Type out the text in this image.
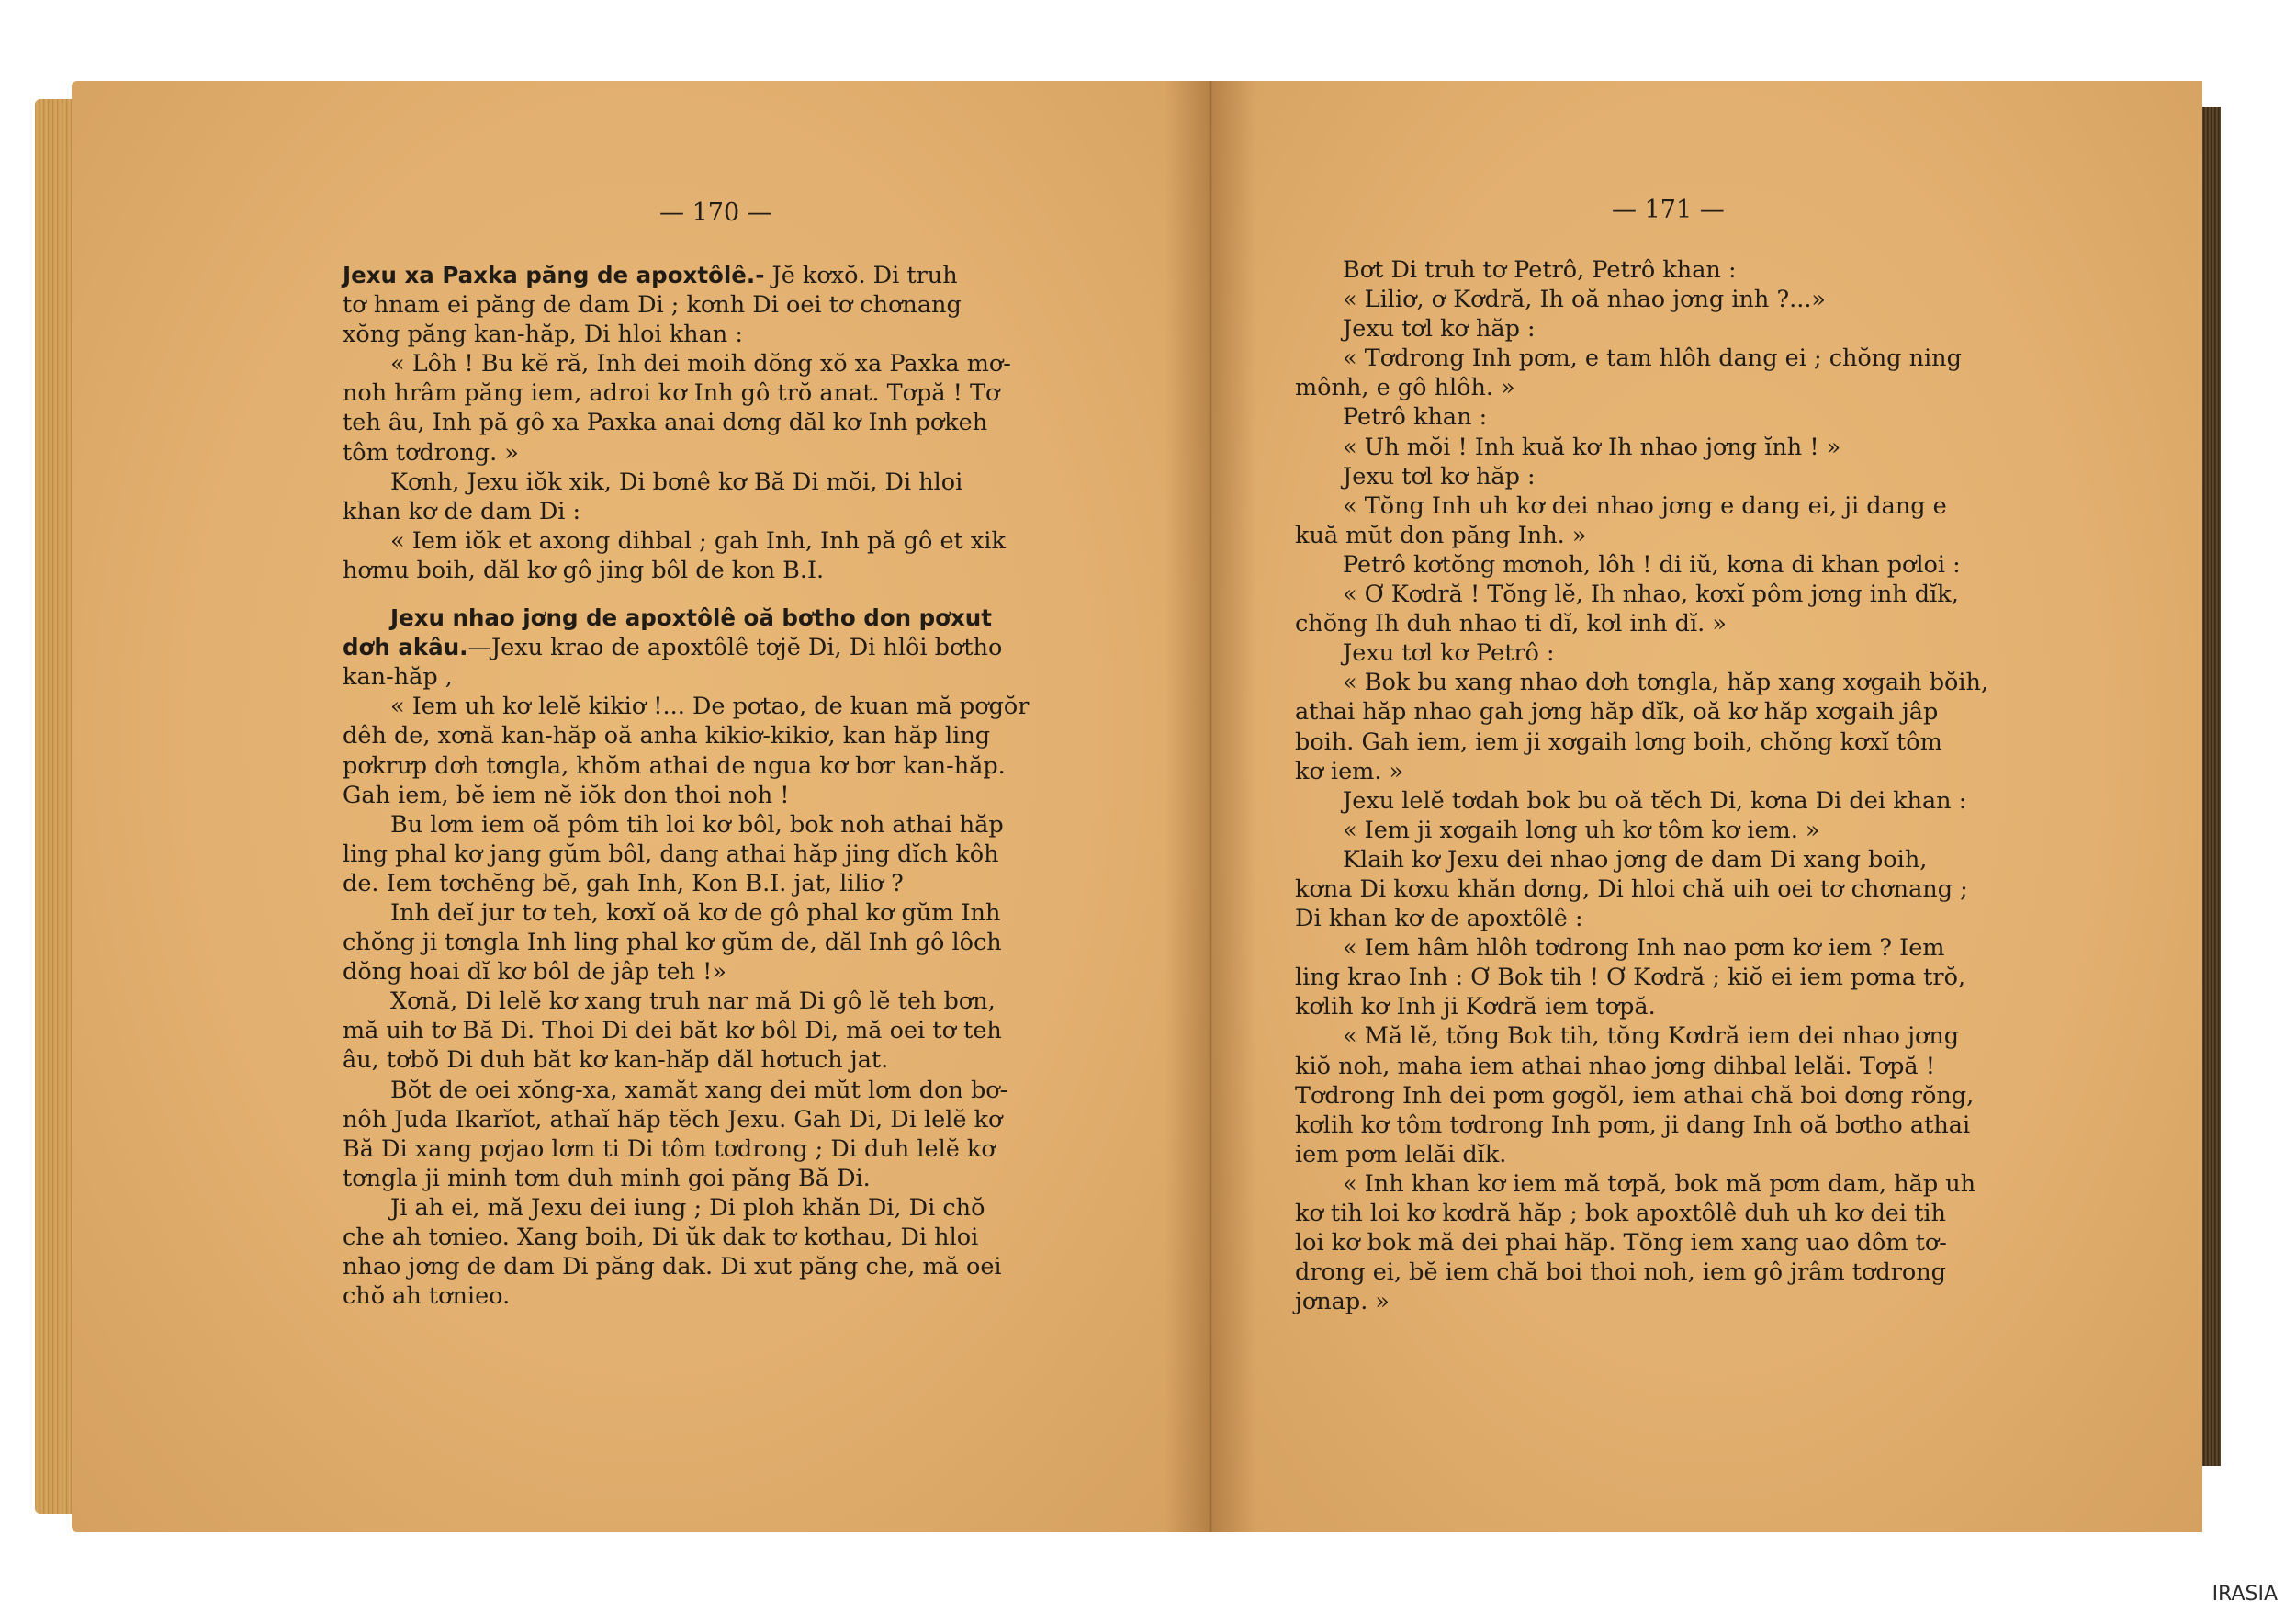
— 170 —
Jexu xa Paxka păng de apoxtôlê.- Jĕ kơxŏ. Di truh
tơ hnam ei păng de dam Di ; kơnh Di oei tơ chơnang
xŏng păng kan-hăp, Di hloi khan :
« Lôh ! Bu kĕ ră, Inh dei moih dŏng xŏ xa Paxka mơ-
noh hrâm păng iem, adroi kơ Inh gô trŏ anat. Tơpă ! Tơ
teh âu, Inh pă gô xa Paxka anai dơng dăl kơ Inh pơkeh
tôm tơdrong. »
Kơnh, Jexu iŏk xik, Di bơnê kơ Bă Di mŏi, Di hloi
khan kơ de dam Di :
« Iem iŏk et axong dihbal ; gah Inh, Inh pă gô et xik
hơmu boih, dăl kơ gô jing bôl de kon B.I.
Jexu nhao jơng de apoxtôlê oă bơtho don pơxut
dơh akâu.—Jexu krao de apoxtôlê tơjĕ Di, Di hlôi bơtho
kan-hăp ,
« Iem uh kơ lelĕ kikiơ !... De pơtao, de kuan mă pơgŏr
dêh de, xơnă kan-hăp oă anha kikiơ-kikiơ, kan hăp ling
pơkrưp dơh tơngla, khŏm athai de ngua kơ bơr kan-hăp.
Gah iem, bĕ iem nĕ iŏk don thoi noh !
Bu lơm iem oă pôm tih loi kơ bôl, bok noh athai hăp
ling phal kơ jang gŭm bôl, dang athai hăp jing dĭch kôh
de. Iem tơchĕng bĕ, gah Inh, Kon B.I. jat, liliơ ?
Inh deĭ jur tơ teh, kơxĭ oă kơ de gô phal kơ gŭm Inh
chŏng ji tơngla Inh ling phal kơ gŭm de, dăl Inh gô lôch
dŏng hoai dĭ kơ bôl de jâp teh !»
Xơnă, Di lelĕ kơ xang truh nar mă Di gô lĕ teh bơn,
mă uih tơ Bă Di. Thoi Di dei băt kơ bôl Di, mă oei tơ teh
âu, tơbŏ Di duh băt kơ kan-hăp dăl hơtuch jat.
Bŏt de oei xŏng-xa, xamăt xang dei mŭt lơm don bơ-
nôh Juda Ikarĭot, athaĭ hăp tĕch Jexu. Gah Di, Di lelĕ kơ
Bă Di xang pơjao lơm ti Di tôm tơdrong ; Di duh lelĕ kơ
tơngla ji minh tơm duh minh goi păng Bă Di.
Ji ah ei, mă Jexu dei iung ; Di ploh khăn Di, Di chŏ
che ah tơnieo. Xang boih, Di ŭk dak tơ kơthau, Di hloi
nhao jơng de dam Di păng dak. Di xut păng che, mă oei
chŏ ah tơnieo.
— 171 —
Bơt Di truh tơ Petrô, Petrô khan :
« Liliơ, ơ Kơdră, Ih oă nhao jơng inh ?...»
Jexu tơl kơ hăp :
« Tơdrong Inh pơm, e tam hlôh dang ei ; chŏng ning
mônh, e gô hlôh. »
Petrô khan :
« Uh mŏi ! Inh kuă kơ Ih nhao jơng ĭnh ! »
Jexu tơl kơ hăp :
« Tŏng Inh uh kơ dei nhao jơng e dang ei, ji dang e
kuă mŭt don păng Inh. »
Petrô kơtŏng mơnoh, lôh ! di iŭ, kơna di khan pơloi :
« Ơ Kơdră ! Tŏng lĕ, Ih nhao, kơxĭ pôm jơng inh dĭk,
chŏng Ih duh nhao ti dĭ, kơl inh dĭ. »
Jexu tơl kơ Petrô :
« Bok bu xang nhao dơh tơngla, hăp xang xơgaih bŏih,
athai hăp nhao gah jơng hăp dĭk, oă kơ hăp xơgaih jâp
boih. Gah iem, iem ji xơgaih lơng boih, chŏng kơxĭ tôm
kơ iem. »
Jexu lelĕ tơdah bok bu oă tĕch Di, kơna Di dei khan :
« Iem ji xơgaih lơng uh kơ tôm kơ iem. »
Klaih kơ Jexu dei nhao jơng de dam Di xang boih,
kơna Di kơxu khăn dơng, Di hloi chă uih oei tơ chơnang ;
Di khan kơ de apoxtôlê :
« Iem hâm hlôh tơdrong Inh nao pơm kơ iem ? Iem
ling krao Inh : Ơ Bok tih ! Ơ Kơdră ; kiŏ ei iem pơma trŏ,
kơlih kơ Inh ji Kơdră iem tơpă.
« Mă lĕ, tŏng Bok tih, tŏng Kơdră iem dei nhao jơng
kiŏ noh, maha iem athai nhao jơng dihbal lelăi. Tơpă !
Tơdrong Inh dei pơm gơgŏl, iem athai chă boi dơng rŏng,
kơlih kơ tôm tơdrong Inh pơm, ji dang Inh oă bơtho athai
iem pơm lelăi dĭk.
« Inh khan kơ iem mă tơpă, bok mă pơm dam, hăp uh
kơ tih loi kơ kơdră hăp ; bok apoxtôlê duh uh kơ dei tih
loi kơ bok mă dei phai hăp. Tŏng iem xang uao dôm tơ-
drong ei, bĕ iem chă boi thoi noh, iem gô jrâm tơdrong
jơnap. »
IRASIA
